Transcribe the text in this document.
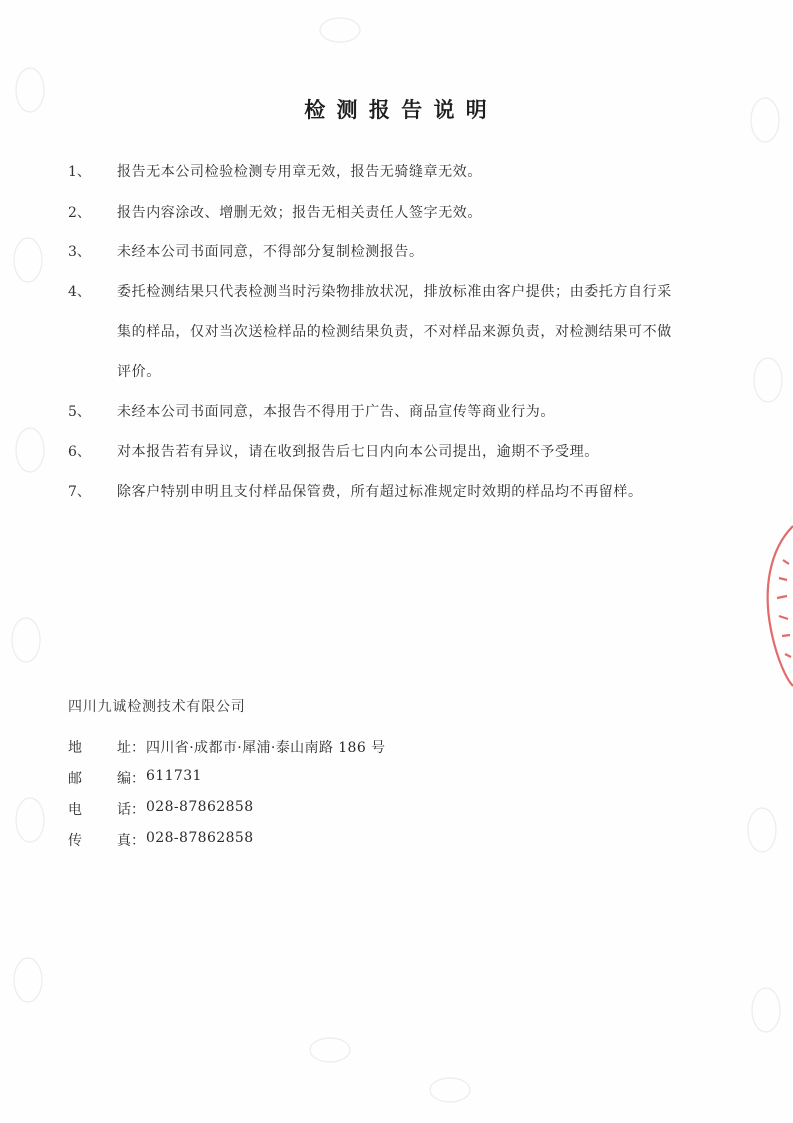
检 测 报 告 说 明
1、 报告无本公司检验检测专用章无效，报告无骑缝章无效。
2、 报告内容涂改、增删无效；报告无相关责任人签字无效。
3、 未经本公司书面同意，不得部分复制检测报告。
4、 委托检测结果只代表检测当时污染物排放状况，排放标准由客户提供；由委托方自行采
集的样品，仅对当次送检样品的检测结果负责，不对样品来源负责，对检测结果可不做
评价。
5、 未经本公司书面同意，本报告不得用于广告、商品宣传等商业行为。
6、 对本报告若有异议，请在收到报告后七日内向本公司提出，逾期不予受理。
7、 除客户特别申明且支付样品保管费，所有超过标准规定时效期的样品均不再留样。
四川九诚检测技术有限公司
地	址： 四川省·成都市·犀浦·泰山南路 186 号
邮	编： 611731
电	话： 028-87862858
传	真： 028-87862858
